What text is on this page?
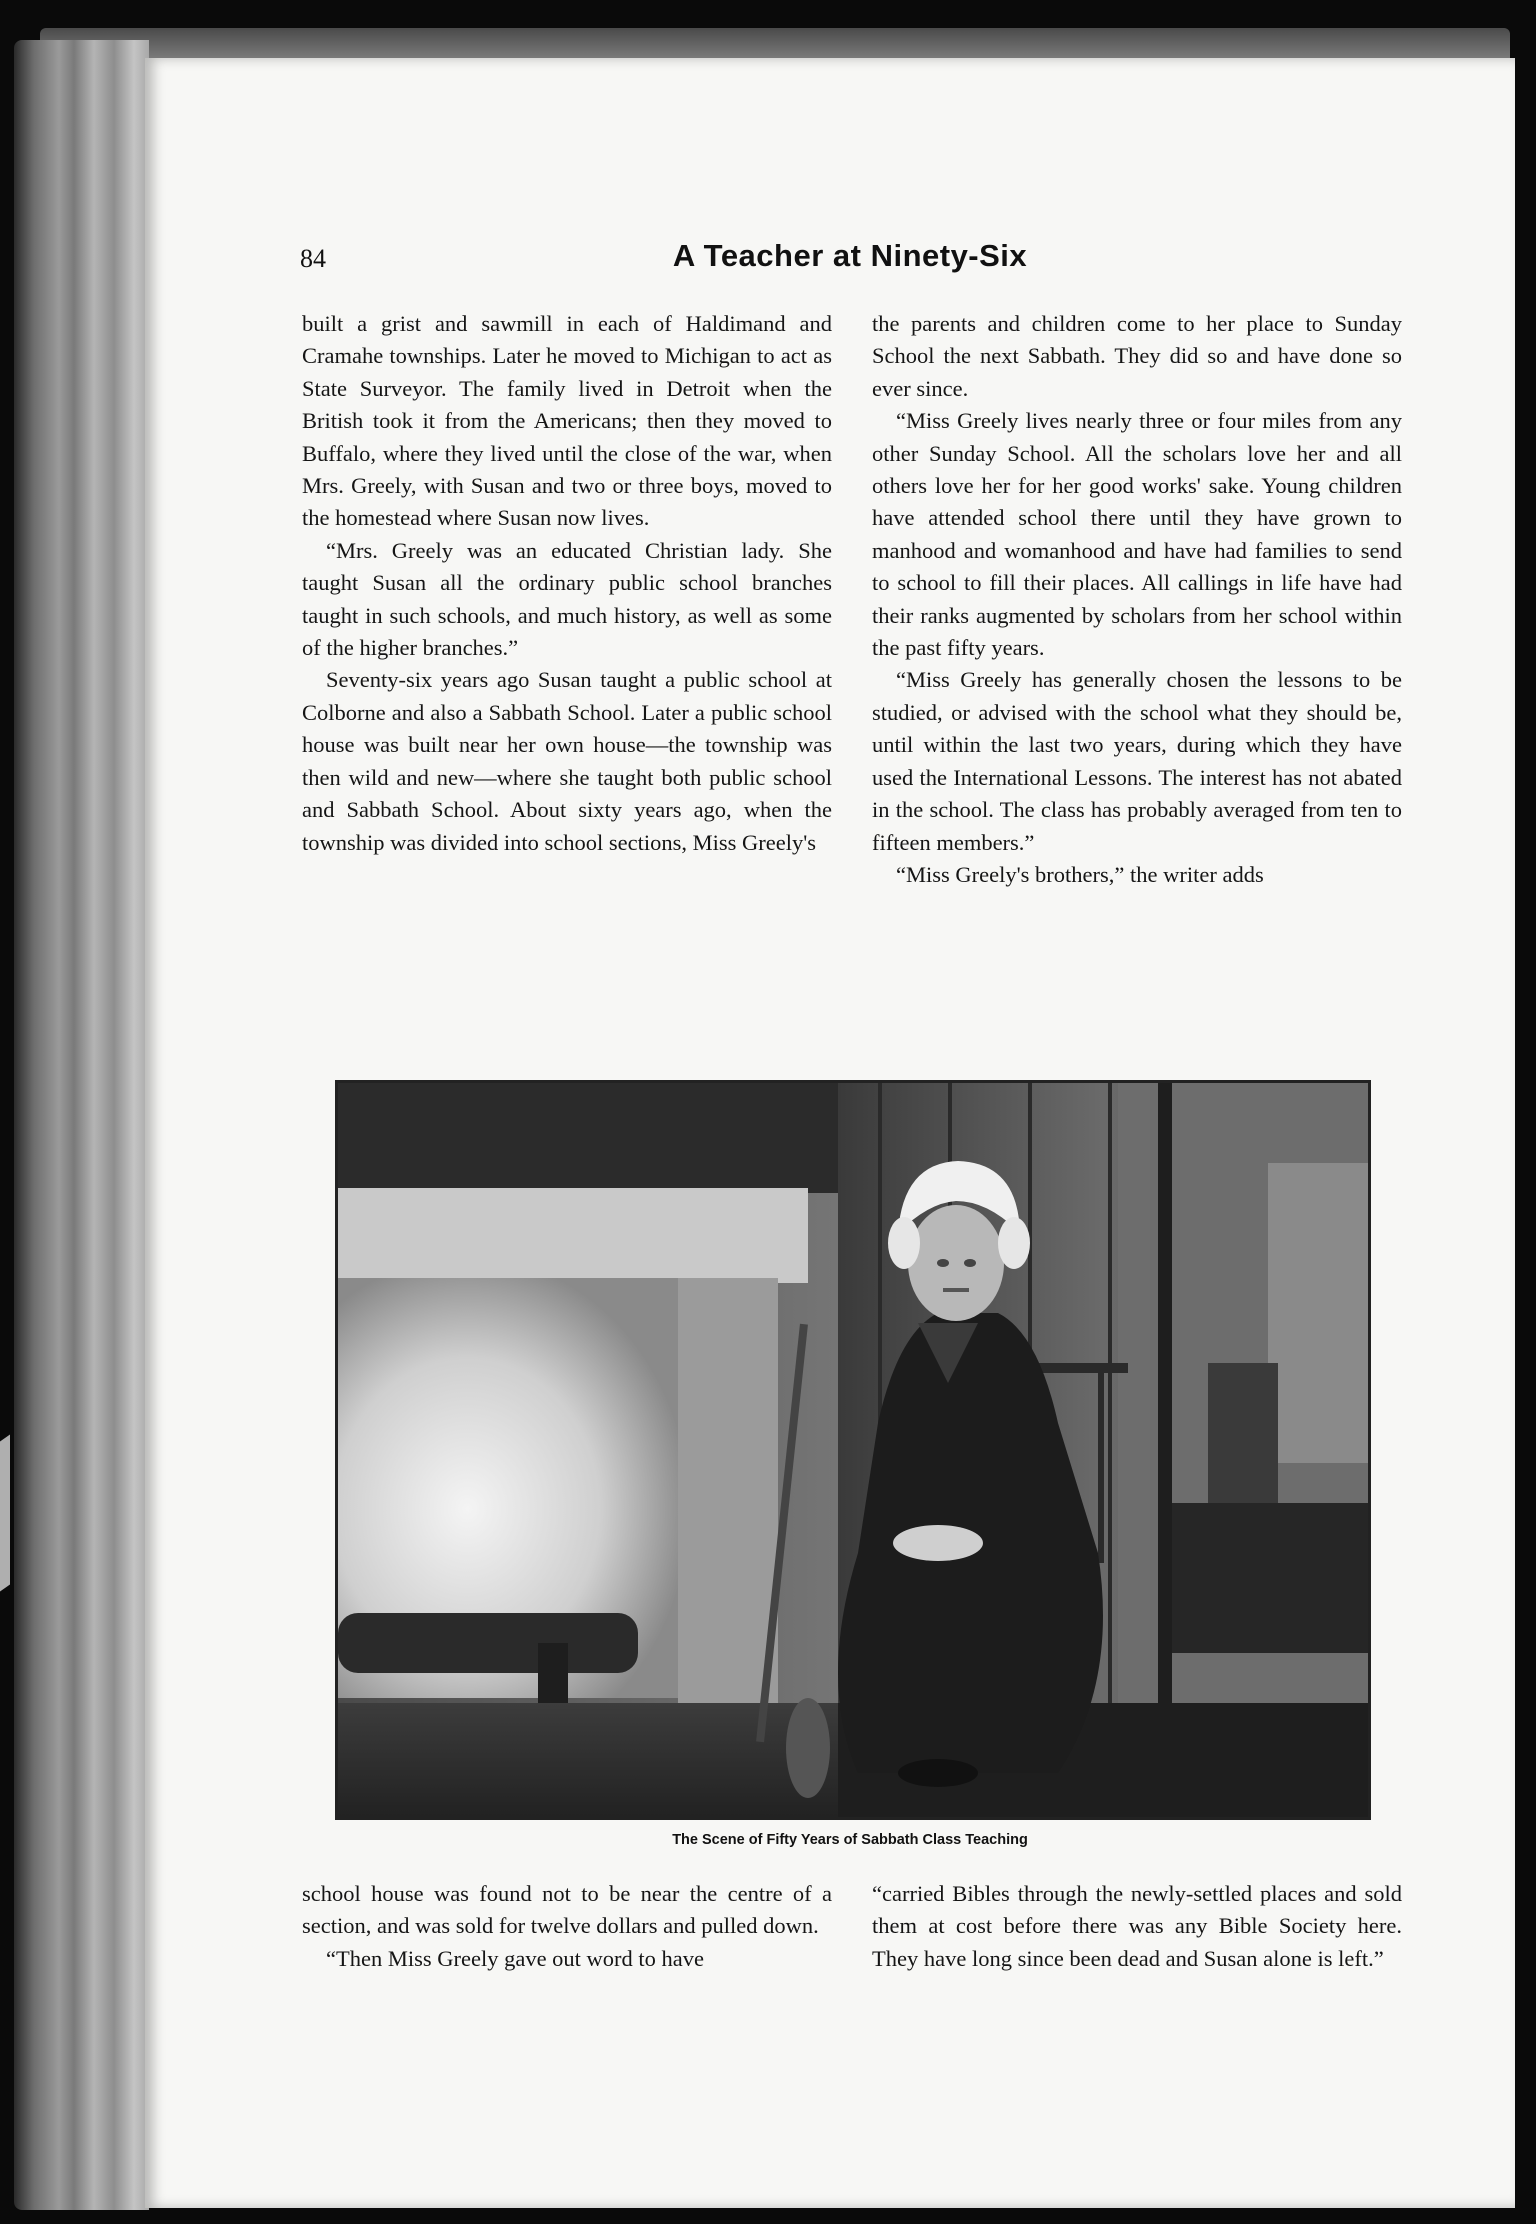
84	A Teacher at Ninety-Six

built a grist and sawmill in each of Haldimand and Cramahe townships. Later he moved to Michigan to act as State Surveyor. The family lived in Detroit when the British took it from the Americans; then they moved to Buffalo, where they lived until the close of the war, when Mrs. Greely, with Susan and two or three boys, moved to the homestead where Susan now lives.

“Mrs. Greely was an educated Christian lady. She taught Susan all the ordinary public school branches taught in such schools, and much history, as well as some of the higher branches.”

Seventy-six years ago Susan taught a public school at Colborne and also a Sabbath School. Later a public school house was built near her own house—the township was then wild and new—where she taught both public school and Sabbath School. About sixty years ago, when the township was divided into school sections, Miss Greely's

the parents and children come to her place to Sunday School the next Sabbath. They did so and have done so ever since.

“Miss Greely lives nearly three or four miles from any other Sunday School. All the scholars love her and all others love her for her good works' sake. Young children have attended school there until they have grown to manhood and womanhood and have had families to send to school to fill their places. All callings in life have had their ranks augmented by scholars from her school within the past fifty years.

“Miss Greely has generally chosen the lessons to be studied, or advised with the school what they should be, until within the last two years, during which they have used the International Lessons. The interest has not abated in the school. The class has probably averaged from ten to fifteen members.”

“Miss Greely's brothers,” the writer adds

The Scene of Fifty Years of Sabbath Class Teaching

school house was found not to be near the centre of a section, and was sold for twelve dollars and pulled down.

“Then Miss Greely gave out word to have

“carried Bibles through the newly-settled places and sold them at cost before there was any Bible Society here. They have long since been dead and Susan alone is left.”
